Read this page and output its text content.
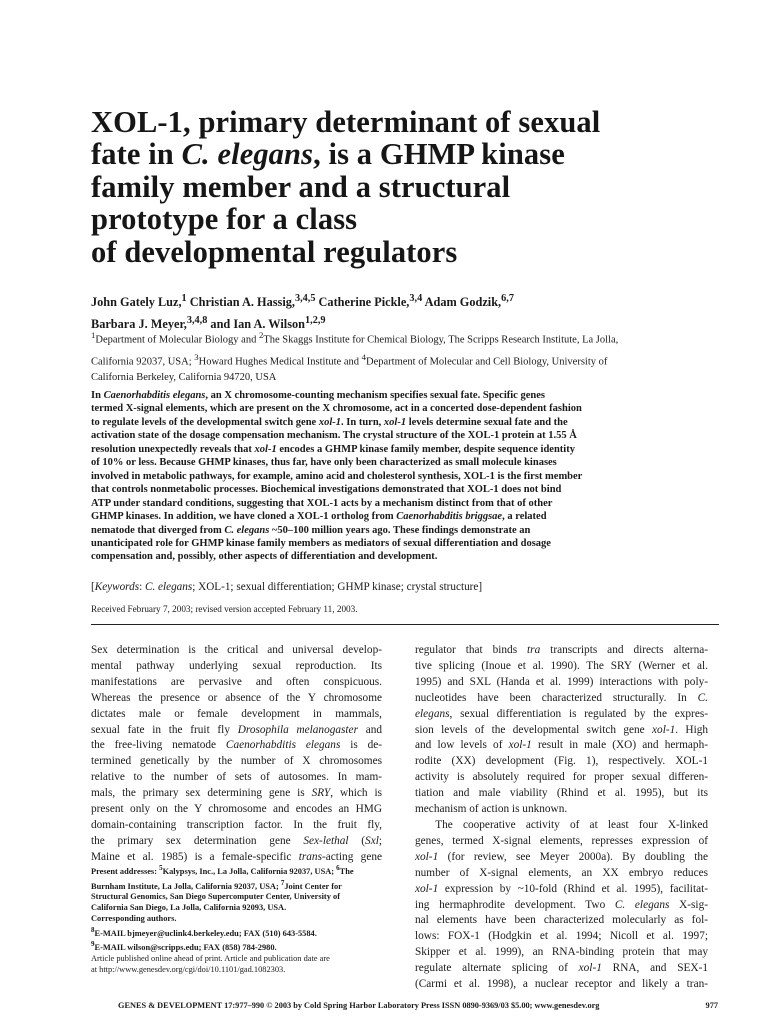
XOL-1, primary determinant of sexual
fate in C. elegans, is a GHMP kinase
family member and a structural
prototype for a class
of developmental regulators
John Gately Luz,$^1$ Christian A. Hassig,$^{3,4,5}$ Catherine Pickle,$^{3,4}$ Adam Godzik,$^{6,7}$
Barbara J. Meyer,$^{3,4,8}$ and Ian A. Wilson$^{1,2,9}$
$^1$Department of Molecular Biology and $^2$The Skaggs Institute for Chemical Biology, The Scripps Research Institute, La Jolla,
California 92037, USA; $^3$Howard Hughes Medical Institute and $^4$Department of Molecular and Cell Biology, University of
California Berkeley, California 94720, USA
In Caenorhabditis elegans, an X chromosome-counting mechanism specifies sexual fate. Specific genes
termed X-signal elements, which are present on the X chromosome, act in a concerted dose-dependent fashion
to regulate levels of the developmental switch gene xol-1. In turn, xol-1 levels determine sexual fate and the
activation state of the dosage compensation mechanism. The crystal structure of the XOL-1 protein at 1.55 Å
resolution unexpectedly reveals that xol-1 encodes a GHMP kinase family member, despite sequence identity
of 10% or less. Because GHMP kinases, thus far, have only been characterized as small molecule kinases
involved in metabolic pathways, for example, amino acid and cholesterol synthesis, XOL-1 is the first member
that controls nonmetabolic processes. Biochemical investigations demonstrated that XOL-1 does not bind
ATP under standard conditions, suggesting that XOL-1 acts by a mechanism distinct from that of other
GHMP kinases. In addition, we have cloned a XOL-1 ortholog from Caenorhabditis briggsae, a related
nematode that diverged from C. elegans ~50–100 million years ago. These findings demonstrate an
unanticipated role for GHMP kinase family members as mediators of sexual differentiation and dosage
compensation and, possibly, other aspects of differentiation and development.
[Keywords: C. elegans; XOL-1; sexual differentiation; GHMP kinase; crystal structure]
Received February 7, 2003; revised version accepted February 11, 2003.
Sex determination is the critical and universal develop-
mental pathway underlying sexual reproduction. Its
manifestations are pervasive and often conspicuous.
Whereas the presence or absence of the Y chromosome
dictates male or female development in mammals,
sexual fate in the fruit fly Drosophila melanogaster and
the free-living nematode Caenorhabditis elegans is de-
termined genetically by the number of X chromosomes
relative to the number of sets of autosomes. In mam-
mals, the primary sex determining gene is SRY, which is
present only on the Y chromosome and encodes an HMG
domain-containing transcription factor. In the fruit fly,
the primary sex determination gene Sex-lethal (Sxl;
Maine et al. 1985) is a female-specific trans-acting gene
Present addresses: $^5$Kalypsys, Inc., La Jolla, California 92037, USA; $^6$The
Burnham Institute, La Jolla, California 92037, USA; $^7$Joint Center for
Structural Genomics, San Diego Supercomputer Center, University of
California San Diego, La Jolla, California 92093, USA.
Corresponding authors.
$^8$E-MAIL bjmeyer@uclink4.berkeley.edu; FAX (510) 643-5584.
$^9$E-MAIL wilson@scripps.edu; FAX (858) 784-2980.
Article published online ahead of print. Article and publication date are
at http://www.genesdev.org/cgi/doi/10.1101/gad.1082303.
regulator that binds tra transcripts and directs alterna-
tive splicing (Inoue et al. 1990). The SRY (Werner et al.
1995) and SXL (Handa et al. 1999) interactions with poly-
nucleotides have been characterized structurally. In C.
elegans, sexual differentiation is regulated by the expres-
sion levels of the developmental switch gene xol-1. High
and low levels of xol-1 result in male (XO) and hermaph-
rodite (XX) development (Fig. 1), respectively. XOL-1
activity is absolutely required for proper sexual differen-
tiation and male viability (Rhind et al. 1995), but its
mechanism of action is unknown.
The cooperative activity of at least four X-linked
genes, termed X-signal elements, represses expression of
xol-1 (for review, see Meyer 2000a). By doubling the
number of X-signal elements, an XX embryo reduces
xol-1 expression by ~10-fold (Rhind et al. 1995), facilitat-
ing hermaphrodite development. Two C. elegans X-sig-
nal elements have been characterized molecularly as fol-
lows: FOX-1 (Hodgkin et al. 1994; Nicoll et al. 1997;
Skipper et al. 1999), an RNA-binding protein that may
regulate alternate splicing of xol-1 RNA, and SEX-1
(Carmi et al. 1998), a nuclear receptor and likely a tran-
GENES & DEVELOPMENT 17:977–990 © 2003 by Cold Spring Harbor Laboratory Press ISSN 0890-9369/03 $5.00; www.genesdev.org	977
